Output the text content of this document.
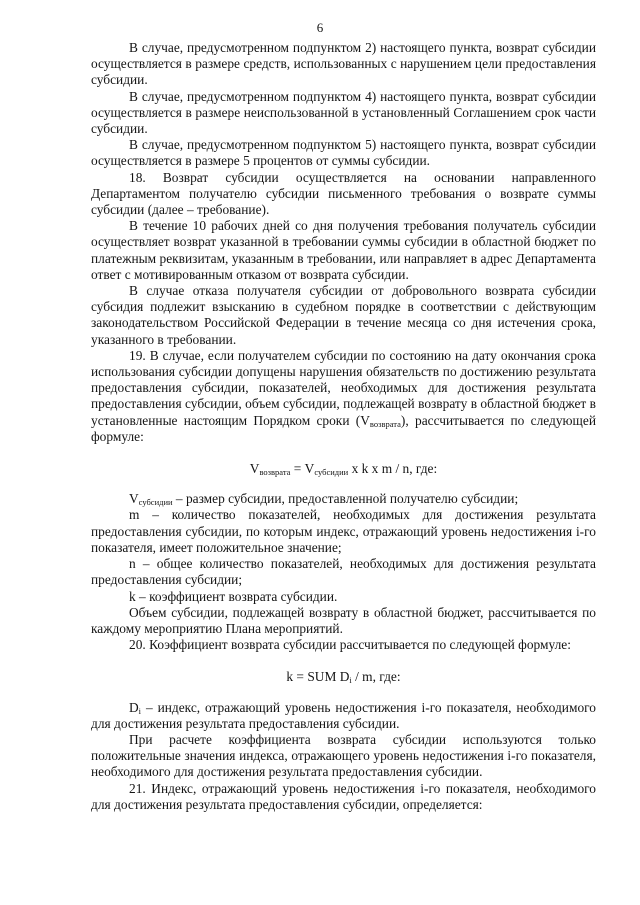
6

В случае, предусмотренном подпунктом 2) настоящего пункта, возврат субсидии осуществляется в размере средств, использованных с нарушением цели предоставления субсидии.

В случае, предусмотренном подпунктом 4) настоящего пункта, возврат субсидии осуществляется в размере неиспользованной в установленный Соглашением срок части субсидии.

В случае, предусмотренном подпунктом 5) настоящего пункта, возврат субсидии осуществляется в размере 5 процентов от суммы субсидии.

18. Возврат субсидии осуществляется на основании направленного Департаментом получателю субсидии письменного требования о возврате суммы субсидии (далее – требование).

В течение 10 рабочих дней со дня получения требования получатель субсидии осуществляет возврат указанной в требовании суммы субсидии в областной бюджет по платежным реквизитам, указанным в требовании, или направляет в адрес Департамента ответ с мотивированным отказом от возврата субсидии.

В случае отказа получателя субсидии от добровольного возврата субсидии субсидия подлежит взысканию в судебном порядке в соответствии с действующим законодательством Российской Федерации в течение месяца со дня истечения срока, указанного в требовании.

19. В случае, если получателем субсидии по состоянию на дату окончания срока использования субсидии допущены нарушения обязательств по достижению результата предоставления субсидии, показателей, необходимых для достижения результата предоставления субсидии, объем субсидии, подлежащей возврату в областной бюджет в установленные настоящим Порядком сроки $(V_{возврата})$, рассчитывается по следующей формуле:

$V_{возврата} = V_{субсидии}$ x k x m / n, где:

$V_{субсидии}$ – размер субсидии, предоставленной получателю субсидии;

m – количество показателей, необходимых для достижения результата предоставления субсидии, по которым индекс, отражающий уровень недостижения i-го показателя, имеет положительное значение;

n – общее количество показателей, необходимых для достижения результата предоставления субсидии;

k – коэффициент возврата субсидии.

Объем субсидии, подлежащей возврату в областной бюджет, рассчитывается по каждому мероприятию Плана мероприятий.

20. Коэффициент возврата субсидии рассчитывается по следующей формуле:

k = SUM $D_i$ / m, где:

$D_i$ – индекс, отражающий уровень недостижения i-го показателя, необходимого для достижения результата предоставления субсидии.

При расчете коэффициента возврата субсидии используются только положительные значения индекса, отражающего уровень недостижения i-го показателя, необходимого для достижения результата предоставления субсидии.

21. Индекс, отражающий уровень недостижения i-го показателя, необходимого для достижения результата предоставления субсидии, определяется:
